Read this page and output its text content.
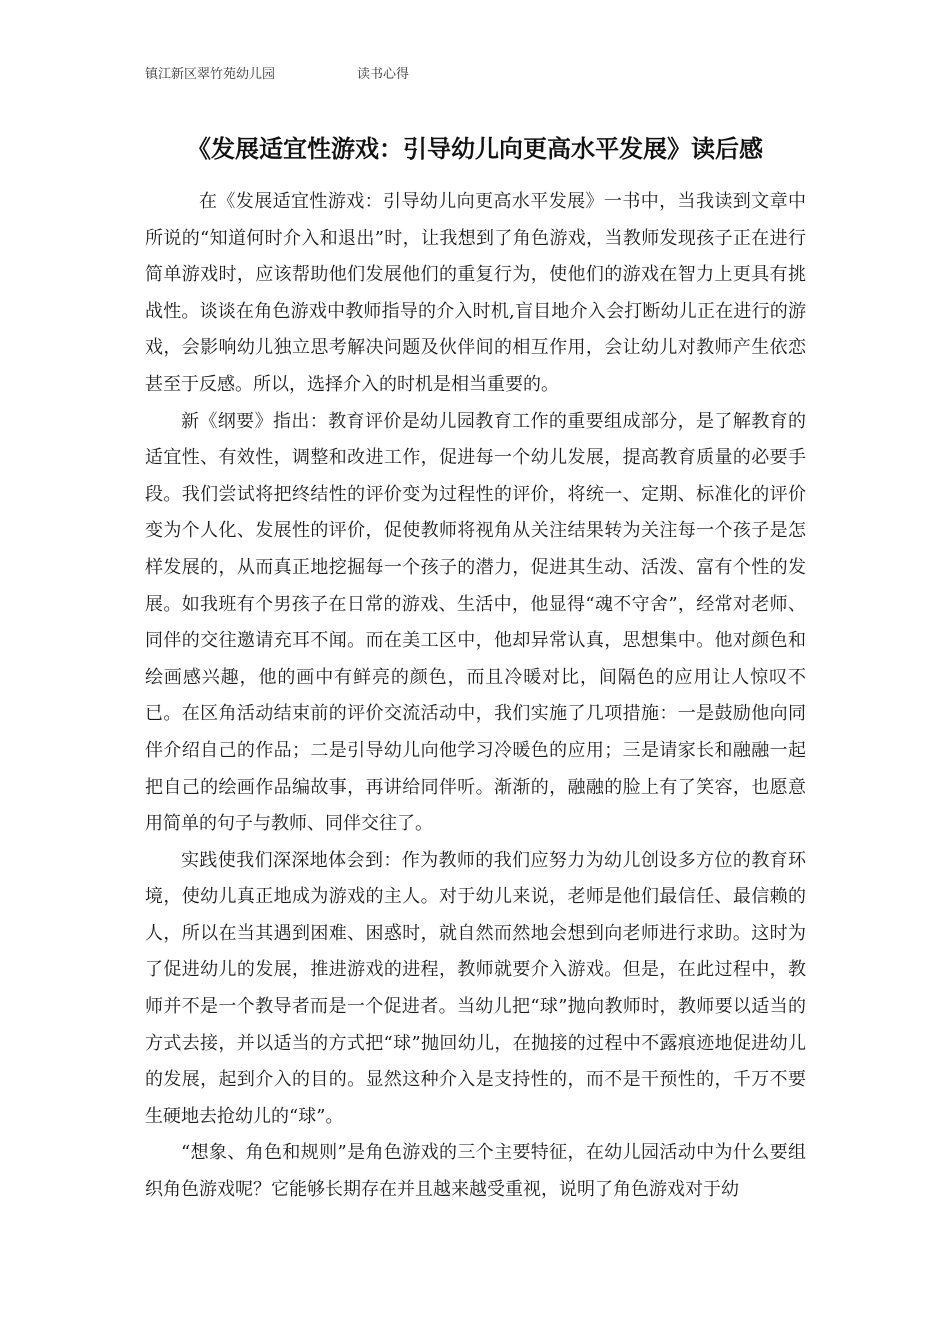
镇江新区翠竹苑幼儿园	读书心得
《发展适宜性游戏：引导幼儿向更高水平发展》读后感

在《发展适宜性游戏：引导幼儿向更高水平发展》一书中，当我读到文章中所说的“知道何时介入和退出”时，让我想到了角色游戏，当教师发现孩子正在进行简单游戏时，应该帮助他们发展他们的重复行为，使他们的游戏在智力上更具有挑战性。谈谈在角色游戏中教师指导的介入时机,盲目地介入会打断幼儿正在进行的游戏，会影响幼儿独立思考解决问题及伙伴间的相互作用，会让幼儿对教师产生依恋甚至于反感。所以，选择介入的时机是相当重要的。

新《纲要》指出：教育评价是幼儿园教育工作的重要组成部分，是了解教育的适宜性、有效性，调整和改进工作，促进每一个幼儿发展，提高教育质量的必要手段。我们尝试将把终结性的评价变为过程性的评价，将统一、定期、标准化的评价变为个人化、发展性的评价，促使教师将视角从关注结果转为关注每一个孩子是怎样发展的，从而真正地挖掘每一个孩子的潜力，促进其生动、活泼、富有个性的发展。如我班有个男孩子在日常的游戏、生活中，他显得“魂不守舍”，经常对老师、同伴的交往邀请充耳不闻。而在美工区中，他却异常认真，思想集中。他对颜色和绘画感兴趣，他的画中有鲜亮的颜色，而且冷暖对比，间隔色的应用让人惊叹不已。在区角活动结束前的评价交流活动中，我们实施了几项措施：一是鼓励他向同伴介绍自己的作品；二是引导幼儿向他学习冷暖色的应用；三是请家长和融融一起把自己的绘画作品编故事，再讲给同伴听。渐渐的，融融的脸上有了笑容，也愿意用简单的句子与教师、同伴交往了。

实践使我们深深地体会到：作为教师的我们应努力为幼儿创设多方位的教育环境，使幼儿真正地成为游戏的主人。对于幼儿来说，老师是他们最信任、最信赖的人，所以在当其遇到困难、困惑时，就自然而然地会想到向老师进行求助。这时为了促进幼儿的发展，推进游戏的进程，教师就要介入游戏。但是，在此过程中，教师并不是一个教导者而是一个促进者。当幼儿把“球”抛向教师时，教师要以适当的方式去接，并以适当的方式把“球”抛回幼儿，在抛接的过程中不露痕迹地促进幼儿的发展，起到介入的目的。显然这种介入是支持性的，而不是干预性的，千万不要生硬地去抢幼儿的“球”。

“想象、角色和规则”是角色游戏的三个主要特征，在幼儿园活动中为什么要组织角色游戏呢？它能够长期存在并且越来越受重视，说明了角色游戏对于幼
